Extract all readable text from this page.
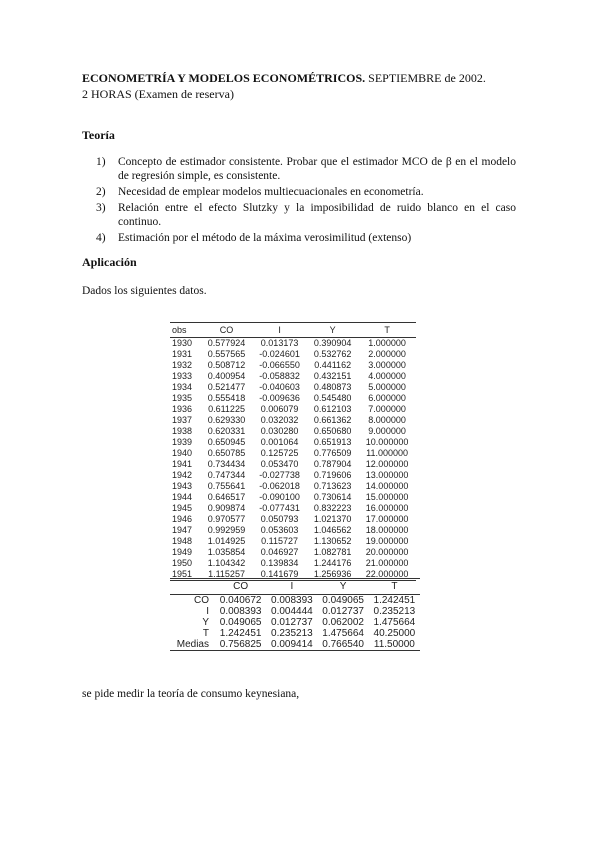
ECONOMETRÍA Y MODELOS ECONOMÉTRICOS. SEPTIEMBRE de 2002.
2 HORAS (Examen de reserva)
Teoría
1) Concepto de estimador consistente. Probar que el estimador MCO de β en el modelo de regresión simple, es consistente.
2) Necesidad de emplear modelos multiecuacionales en econometría.
3) Relación entre el efecto Slutzky y la imposibilidad de ruido blanco en el caso continuo.
4) Estimación por el método de la máxima verosimilitud (extenso)
Aplicación
Dados los siguientes datos.
obs	CO	I	Y	T
1930	0.577924	0.013173	0.390904	1.000000
1931	0.557565	-0.024601	0.532762	2.000000
1932	0.508712	-0.066550	0.441162	3.000000
1933	0.400954	-0.058832	0.432151	4.000000
1934	0.521477	-0.040603	0.480873	5.000000
1935	0.555418	-0.009636	0.545480	6.000000
1936	0.611225	0.006079	0.612103	7.000000
1937	0.629330	0.032032	0.661362	8.000000
1938	0.620331	0.030280	0.650680	9.000000
1939	0.650945	0.001064	0.651913	10.000000
1940	0.650785	0.125725	0.776509	11.000000
1941	0.734434	0.053470	0.787904	12.000000
1942	0.747344	-0.027738	0.719606	13.000000
1943	0.755641	-0.062018	0.713623	14.000000
1944	0.646517	-0.090100	0.730614	15.000000
1945	0.909874	-0.077431	0.832223	16.000000
1946	0.970577	0.050793	1.021370	17.000000
1947	0.992959	0.053603	1.046562	18.000000
1948	1.014925	0.115727	1.130652	19.000000
1949	1.035854	0.046927	1.082781	20.000000
1950	1.104342	0.139834	1.244176	21.000000
1951	1.115257	0.141679	1.256936	22.000000
	CO	I	Y	T
CO	0.040672	0.008393	0.049065	1.242451
I	0.008393	0.004444	0.012737	0.235213
Y	0.049065	0.012737	0.062002	1.475664
T	1.242451	0.235213	1.475664	40.25000
Medias	0.756825	0.009414	0.766540	11.50000
se pide medir la teoría de consumo keynesiana,
